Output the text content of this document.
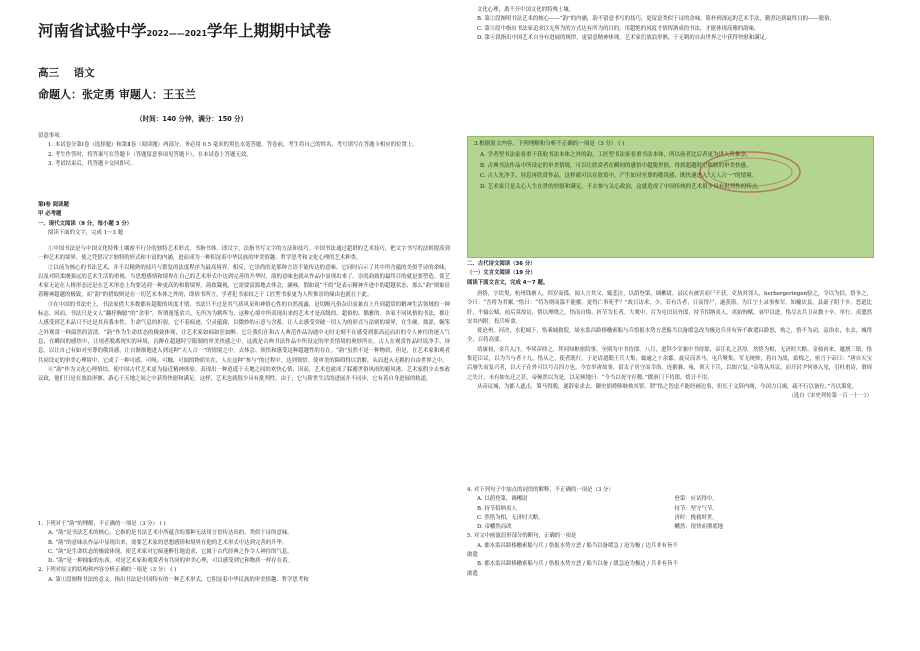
河南省试验中学2022——2021学年上期期中试卷
高三 语文
命题人：张定勇 审题人：王玉兰
（时间：140 分钟，满分：150 分）

留意事项：

1. 本试卷分第Ⅰ卷（选择题）和第Ⅱ卷（阅读题）两部分。务必用 0.5 毫米的黑色水笔答题。答卷前，考生将自己的姓名、考号填写在答题卡相应的位置上。

2. 考生作答时，将答案写在答题卡（答题留意事项见答题卡），在本试卷上答题无效。

3. 考试结束后，将答题卡交回即可。

第Ⅰ卷 阅读题

甲 必考题

一、现代文阅读（9 分，每小题 3 分）

阅读下面的文字，完成 1～3 题

①中国书法是与中国文化特殊土壤密不行分的独特艺术形式。书指书体、即汉字，法指书写文字的方法和技巧。中国书法通过超群的艺术技巧，把文字书写的法则提高到一种艺术的境界，使之凭借汉字独特的形式和丰富的内涵，进而成为一种积淀着中华民族的审美情趣、哲学思考和文化心理的艺术种类。

②以前为核心的书法艺术，并不以精熟的技巧与繁复的法度程序为最高境界，相反，它崇尚的是那种言语不能传达的意味，它同时启示了其中所含蕴的美似乎诗的余味，以及对阴柔刚强远的艺术生活的重视。当思想感情和境界在自己的艺术形式中达到完善的升华时，韵的意味也就从作品中显现出来了。崇尚韵致的最终目的就是要塑造、使艺术家无论在人格形态还是在艺术形态上均要达到一种更高的和谐境界。韵致凝视，它需要富源地去体会，涵咏，假如说“不似”是表示精神升进中的超越状态，那么“韵”则象征着精神超越的极致。而“韵”的措取则是在一切艺术本体之外的，即俗书所言，学者犯书家较之于工匠型书家更为人所推崇的缘由也就在于此。

③在中国的书法史上，书法家借大多数都有超脱的风度才情，书法只不过是其气质风采和神情心性的自然流露，是切断凡俗杂识而兼直上升到超常的精神生活领域的一种标志。因而，书法只是文人“翻抒胸臆”的“余事”，所谓逸笔余兴，无所为为鹤所为，这种心境中所表现出来的艺术才是高级的、超俗的、偶雅的。各家不同风格的书法，都让人感受到艺术品只不过是其真我本性、生命气息的折射。它不着痕迹，空灵蕴藉，以微妙的示意与含蓄，让人去感受突破一切人为的形式与法则的境界，在生硬、拙涩、娴笨之外观赏一种韶然的清淡。“韵”作为生命状态的极致体现，让艺术家如痴如狂如醉。它让我们在和古人典范作品沟通中无时无刻不在感受到那高远而出的令人神往的迷人气息，在瞬间的感悟中，让现者脱离现实的环境，沉醉在超越时空限制的审美快感之中，这就是古典书法作品中所设定的审美情境的奥妙所在。古人在观赏作品时说净手、屏息，以让自己有如对至尊的敬畏感，让自渐渐地进入到这种“天人合一”的情境之中，去体会、领悟和感受这种超越性的存在。“韵”虽然不是一种物质，但是，在艺术家和观者共同设定的审美心理境中，它成了一种可感、可嗅、可触、可闻的物质实在，人在这种“参与”的过程中，达到领悟。使审美的障碍得以消解，从而进入无羁的自由世界之中。

④“韵”作为文化心理情结，使中国古代艺术更为接近精神体验。表现出一种逍遥于天地之间的欢快心情，因而，艺术也就成了躲避世俗风雨的避风港。艺术家假少去参政议政，他们只是在放浪形骸、游心于天地之间之中获得快慰和满足。这样，艺术也就很少具有批判性，由于，它与阶世生活的进展并不同步，它有着自身进展的轨道。

1. 下列对于“韵”的理解，不正确的一项是（3 分） ( )

A. “韵”是书法艺术的核心，它指的是书法艺术中所蕴含的那种无法用言语传达出的、类似于诗的意味。

B. “韵”的意味从作品中显现出来，需要艺术家的思想感情和境界在他的艺术形式中达到完善的升华。

C. “韵”是生命状态的极致体现，使艺术家对它痴迷醉狂地追求，它属于古代经典之作令人神往的气息。

D. “韵”是一种抽象的东西，对是艺术家和观赏者有共同的审美心理，可以感受到它和物质一样存在着。

2. 下列对原文的结构和内容分析正确的一项是（3 分） ( )

A. 第①段阐释书法的意义，指出书法是中国特有的一种艺术形式，它积淀着中华民族的审美情趣、哲学思考和

文化心理，离不开中国文化的特殊土壤。

B. 第②段阐明书法艺术的核心——“韵”的内涵，韵不留意书写的技巧，更留意类似于诗的余味，简朴到深远的艺术手法，勤澄达到最终目的——脱俗。

C. 第③段中指出书法家追求以无所为的方式达有所为的目的。用超绝的风度才情挥洒成的书法，才能体现高雅的韵味。

D. 第④段指出中国艺术自身有进展的规律，更留意精神体现。艺术家们放浪形骸，于无羁的自由世界之中获得快慰和满足。

3.根据原文内容，下列理解和分析不正确的一项是（3 分） ( )

A. 学者型书法家看重于获取书法本体之外的韵，工匠型书法家看重书法本体，所以前者比后者更为世人所推崇。

B. 古典书法作品中所设定的审美情境，可以让欣赏者在瞬间的感悟中超脱世俗，得到超越时空限制的审美快感。

C. 古人先净手、屏息再欣赏作品，这样就可以在欣赏中，产生如对至尊的敬畏感，既快速进入“天人合一”的情境。

D. 艺术家只是关心人生在世的快慰和满足，不去参与关心政治，这就造成了中国传统的艺术很少具有批判性的特点。

二、古代诗文阅读（36 分）

（一）文言文阅读（19 分）

阅读下面文言文，完成 4～7 题。

唐恪，字钦叟，杭州钱塘人。四岁而孤，闻人言其父，辄悲泣，以荫登第，调郴尉，县民有被害而尸不获，吏执其邻人，herbergeringen验之，令以为信，恪争之，令曰：“吾将为君累。”恪曰：“苟为则而滥不能摧，更得亡事死乎？”故日访求，少，若有告者，日而得尸，遂获盗。为江宁士录事参军，知榆次县，县豪子阴于乡，恶道比肝，不输公赋，前后莫故诘，恪以理晓之，悟而自悔，折节为长者。大观中，召为屯田员外郎，持节招纳夷人，夷始恂赋，衰甲以进，恪尽去兵卫从数十卒，单行，夷盟然安其内附，投兵听命。

徙沧州，河决，水犯城下，恪乘城救院，埽水监昌龄移檄索船与兵悟报水势方恶船当以备缓急改为极边兵非有旨不敢遣昌龄怒，劾之，恪不为动，益治水，水去，城得全，召将高要。

靖康初，金兵入汴，李邦彦择之，拜同知枢密院事，至则为中书侍郎。八月，进拜少宰兼中书侍郎，帝注礼之甚厚。然恪为相，无济时大略。金骑再来，邀割三镇，恪集廷臣议，以为当与者十九，恪从之。使者既行，于是请遣勤王兵大集，辄逾之十余郡。旋反而杀马，屯兵聚集，军无统帅，将自为战，始悔之，密言于帝曰：“唐自天宝后屡失而复兴者，以天子在外可以号召四方也。今宜举唐故事，留太子居守而幸洛，连据襄、雍，领天下兵，以图兴复。”帝将从其议，而开封尹何禀入见，引杜甫诗，谓周之失计，未有如东迁之甚，帝顿然以为是，以足顿地曰：“今当以死守社稷。”擢禀门下侍郎，恪计不用。

从帝议城，为都人遮击，策马得脱，遂辞家求去。御史胡舜陟继劾其罪，谓“恪之智虑不能经画边事，但长于文辞内阁，今国力日竭，疏不行以备位。”乃以策免。

（选自《宋史列传第一百一十一》）

4. 对下列句子中加点的词语的解释，不正确的一项是（3 分）

A. 以荫登第，调郴尉	登第：应试得中。
B. 持节招纳夷人	持节：坚守气节。
C. 然恪为相，无济时大略。	济时：挽救时世。
D. 帝幡然而改	幡然：很快而彻底地

5. 对文中画波浪形部分的断句，正确的一项是

A. 都水监昌龄移檄索船与兵 / 恪报水势方恶 / 船当以备缓急 / 沧为极 / 边兵非有旨不

敢遣

B. 都水监昌龄移檄索船与兵 / 恪报水势方恶 / 船当以备 / 缓急沧为极边 / 兵非有旨不

敢遣
